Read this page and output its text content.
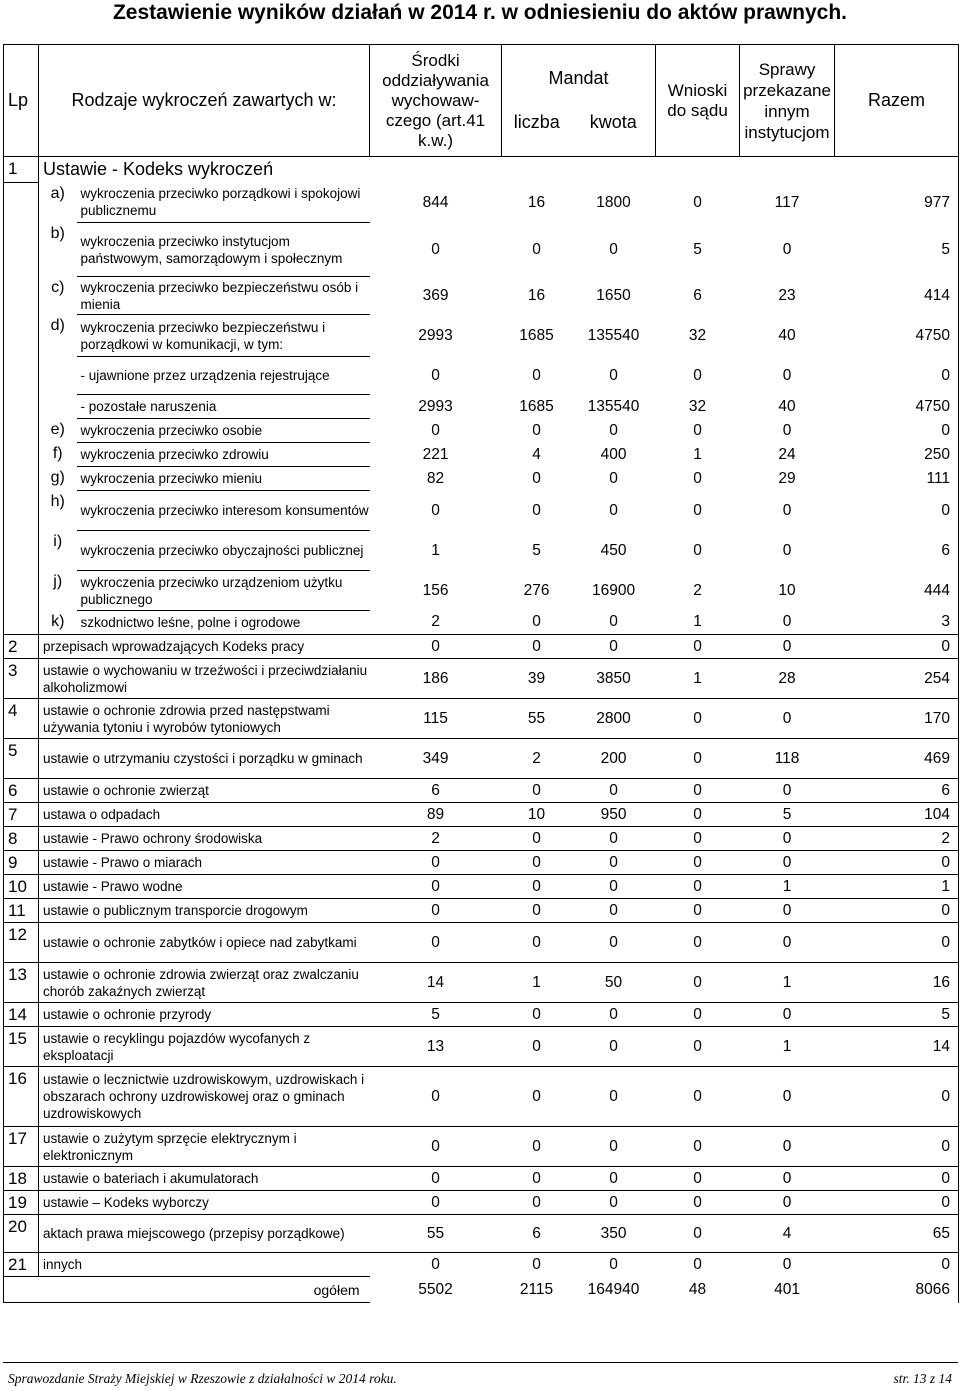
Zestawienie wyników działań w 2014 r. w odniesieniu do aktów prawnych.
Lp	Rodzaje wykroczeń zawartych w:		Środki oddziaływania wychowaw-czego (art.41 k.w.)	Mandat		Wnioski do sądu	Sprawy przekazane innym instytucjom	Razem
				liczba	kwota			
1	Ustawie - Kodeks wykroczeń							
	a)	wykroczenia przeciwko porządkowi i spokojowi publicznemu	844	16	1800	0	117	977
	b)	wykroczenia przeciwko instytucjom państwowym, samorządowym i społecznym	0	0	0	5	0	5
	c)	wykroczenia przeciwko bezpieczeństwu osób i mienia	369	16	1650	6	23	414
	d)	wykroczenia przeciwko bezpieczeństwu i porządkowi w komunikacji, w tym:	2993	1685	135540	32	40	4750
		- ujawnione przez urządzenia rejestrujące	0	0	0	0	0	0
		- pozostałe naruszenia	2993	1685	135540	32	40	4750
	e)	wykroczenia przeciwko osobie	0	0	0	0	0	0
	f)	wykroczenia przeciwko zdrowiu	221	4	400	1	24	250
	g)	wykroczenia przeciwko mieniu	82	0	0	0	29	111
	h)	wykroczenia przeciwko interesom konsumentów	0	0	0	0	0	0
	i)	wykroczenia przeciwko obyczajności publicznej	1	5	450	0	0	6
	j)	wykroczenia przeciwko urządzeniom użytku publicznego	156	276	16900	2	10	444
	k)	szkodnictwo leśne, polne i ogrodowe	2	0	0	1	0	3
2	przepisach wprowadzających Kodeks pracy		0	0	0	0	0	0
3	ustawie o wychowaniu w trzeźwości i przeciwdziałaniu alkoholizmowi		186	39	3850	1	28	254
4	ustawie o ochronie zdrowia przed następstwami używania tytoniu i wyrobów tytoniowych		115	55	2800	0	0	170
5	ustawie o utrzymaniu czystości i porządku w gminach		349	2	200	0	118	469
6	ustawie o ochronie zwierząt		6	0	0	0	0	6
7	ustawa o odpadach		89	10	950	0	5	104
8	ustawie - Prawo ochrony środowiska		2	0	0	0	0	2
9	ustawie - Prawo o miarach		0	0	0	0	0	0
10	ustawie - Prawo wodne		0	0	0	0	1	1
11	ustawie o publicznym transporcie drogowym		0	0	0	0	0	0
12	ustawie o ochronie zabytków i opiece nad zabytkami		0	0	0	0	0	0
13	ustawie o ochronie zdrowia zwierząt oraz zwalczaniu chorób zakaźnych zwierząt		14	1	50	0	1	16
14	ustawie o ochronie przyrody		5	0	0	0	0	5
15	ustawie o recyklingu pojazdów wycofanych z eksploatacji		13	0	0	0	1	14
16	ustawie o lecznictwie uzdrowiskowym, uzdrowiskach i obszarach ochrony uzdrowiskowej oraz o gminach uzdrowiskowych		0	0	0	0	0	0
17	ustawie o zużytym sprzęcie elektrycznym i elektronicznym		0	0	0	0	0	0
18	ustawie o bateriach i akumulatorach		0	0	0	0	0	0
19	ustawie – Kodeks wyborczy		0	0	0	0	0	0
20	aktach prawa miejscowego (przepisy porządkowe)		55	6	350	0	4	65
21	innych		0	0	0	0	0	0
ogółem			5502	2115	164940	48	401	8066
Sprawozdanie Straży Miejskiej w Rzeszowie z działalności w 2014 roku.	str. 13 z 14
